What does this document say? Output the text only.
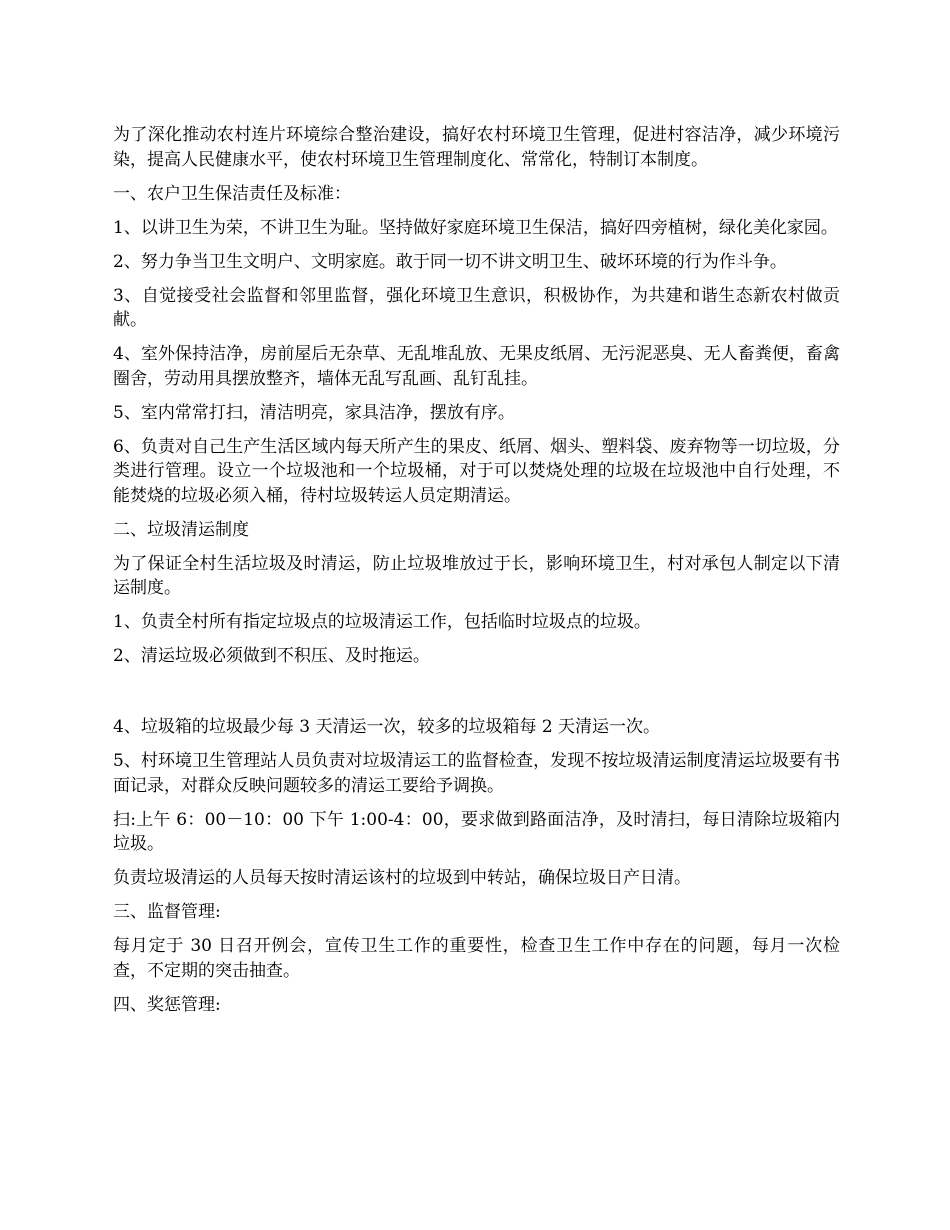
为了深化推动农村连片环境综合整治建设，搞好农村环境卫生管理，促进村容洁净，减少环境污染，提高人民健康水平，使农村环境卫生管理制度化、常常化，特制订本制度。

一、农户卫生保洁责任及标准：

1、以讲卫生为荣，不讲卫生为耻。坚持做好家庭环境卫生保洁，搞好四旁植树，绿化美化家园。

2、努力争当卫生文明户、文明家庭。敢于同一切不讲文明卫生、破坏环境的行为作斗争。

3、自觉接受社会监督和邻里监督，强化环境卫生意识，积极协作，为共建和谐生态新农村做贡献。

4、室外保持洁净，房前屋后无杂草、无乱堆乱放、无果皮纸屑、无污泥恶臭、无人畜粪便，畜禽圈舍，劳动用具摆放整齐，墙体无乱写乱画、乱钉乱挂。

5、室内常常打扫，清洁明亮，家具洁净，摆放有序。

6、负责对自己生产生活区域内每天所产生的果皮、纸屑、烟头、塑料袋、废弃物等一切垃圾，分类进行管理。设立一个垃圾池和一个垃圾桶，对于可以焚烧处理的垃圾在垃圾池中自行处理，不能焚烧的垃圾必须入桶，待村垃圾转运人员定期清运。

二、垃圾清运制度

为了保证全村生活垃圾及时清运，防止垃圾堆放过于长，影响环境卫生，村对承包人制定以下清运制度。

1、负责全村所有指定垃圾点的垃圾清运工作，包括临时垃圾点的垃圾。

2、清运垃圾必须做到不积压、及时拖运。

4、垃圾箱的垃圾最少每 3 天清运一次，较多的垃圾箱每 2 天清运一次。

5、村环境卫生管理站人员负责对垃圾清运工的监督检查，发现不按垃圾清运制度清运垃圾要有书面记录，对群众反映问题较多的清运工要给予调换。

扫:上午 6：00－10：00 下午 1:00-4：00，要求做到路面洁净，及时清扫，每日清除垃圾箱内垃圾。

负责垃圾清运的人员每天按时清运该村的垃圾到中转站，确保垃圾日产日清。

三、监督管理:

每月定于 30 日召开例会，宣传卫生工作的重要性，检查卫生工作中存在的问题，每月一次检查，不定期的突击抽查。

四、奖惩管理:
